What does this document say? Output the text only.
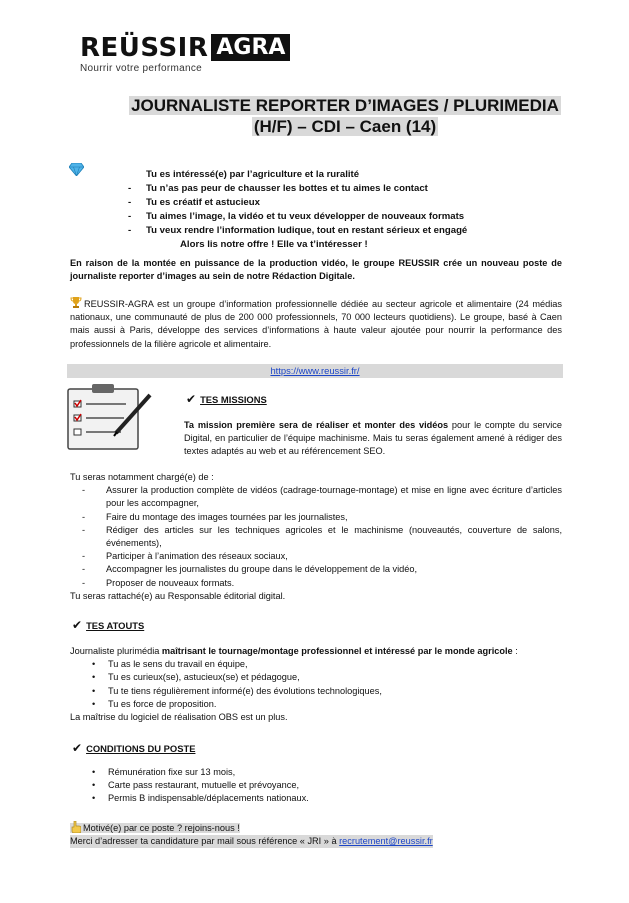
REÜSSIR AGRA
Nourrir votre performance
JOURNALISTE REPORTER D’IMAGES / PLURIMEDIA
(H/F) – CDI – Caen (14)
Tu es intéressé(e) par l’agriculture et la ruralité
- Tu n’as pas peur de chausser les bottes et tu aimes le contact
- Tu es créatif et astucieux
- Tu aimes l’image, la vidéo et tu veux développer de nouveaux formats
- Tu veux rendre l’information ludique, tout en restant sérieux et engagé
Alors lis notre offre ! Elle va t’intéresser !
En raison de la montée en puissance de la production vidéo, le groupe REUSSIR crée un nouveau poste de journaliste reporter d’images au sein de notre Rédaction Digitale.
REUSSIR-AGRA est un groupe d’information professionnelle dédiée au secteur agricole et alimentaire (24 médias nationaux, une communauté de plus de 200 000 professionnels, 70 000 lecteurs quotidiens). Le groupe, basé à Caen mais aussi à Paris, développe des services d’informations à haute valeur ajoutée pour nourrir la performance des professionnels de la filière agricole et alimentaire.
https://www.reussir.fr/
✔ TES MISSIONS
Ta mission première sera de réaliser et monter des vidéos pour le compte du service Digital, en particulier de l’équipe machinisme. Mais tu seras également amené à rédiger des textes adaptés au web et au référencement SEO.
Tu seras notamment chargé(e) de :
- Assurer la production complète de vidéos (cadrage-tournage-montage) et mise en ligne avec écriture d’articles pour les accompagner,
- Faire du montage des images tournées par les journalistes,
- Rédiger des articles sur les techniques agricoles et le machinisme (nouveautés, couverture de salons, événements),
- Participer à l’animation des réseaux sociaux,
- Accompagner les journalistes du groupe dans le développement de la vidéo,
- Proposer de nouveaux formats.
Tu seras rattaché(e) au Responsable éditorial digital.
✔ TES ATOUTS
Journaliste plurimédia maîtrisant le tournage/montage professionnel et intéressé par le monde agricole :
• Tu as le sens du travail en équipe,
• Tu es curieux(se), astucieux(se) et pédagogue,
• Tu te tiens régulièrement informé(e) des évolutions technologiques,
• Tu es force de proposition.
La maîtrise du logiciel de réalisation OBS est un plus.
✔ CONDITIONS DU POSTE
• Rémunération fixe sur 13 mois,
• Carte pass restaurant, mutuelle et prévoyance,
• Permis B indispensable/déplacements nationaux.
Motivé(e) par ce poste ? rejoins-nous !
Merci d’adresser ta candidature par mail sous référence « JRI » à recrutement@reussir.fr
